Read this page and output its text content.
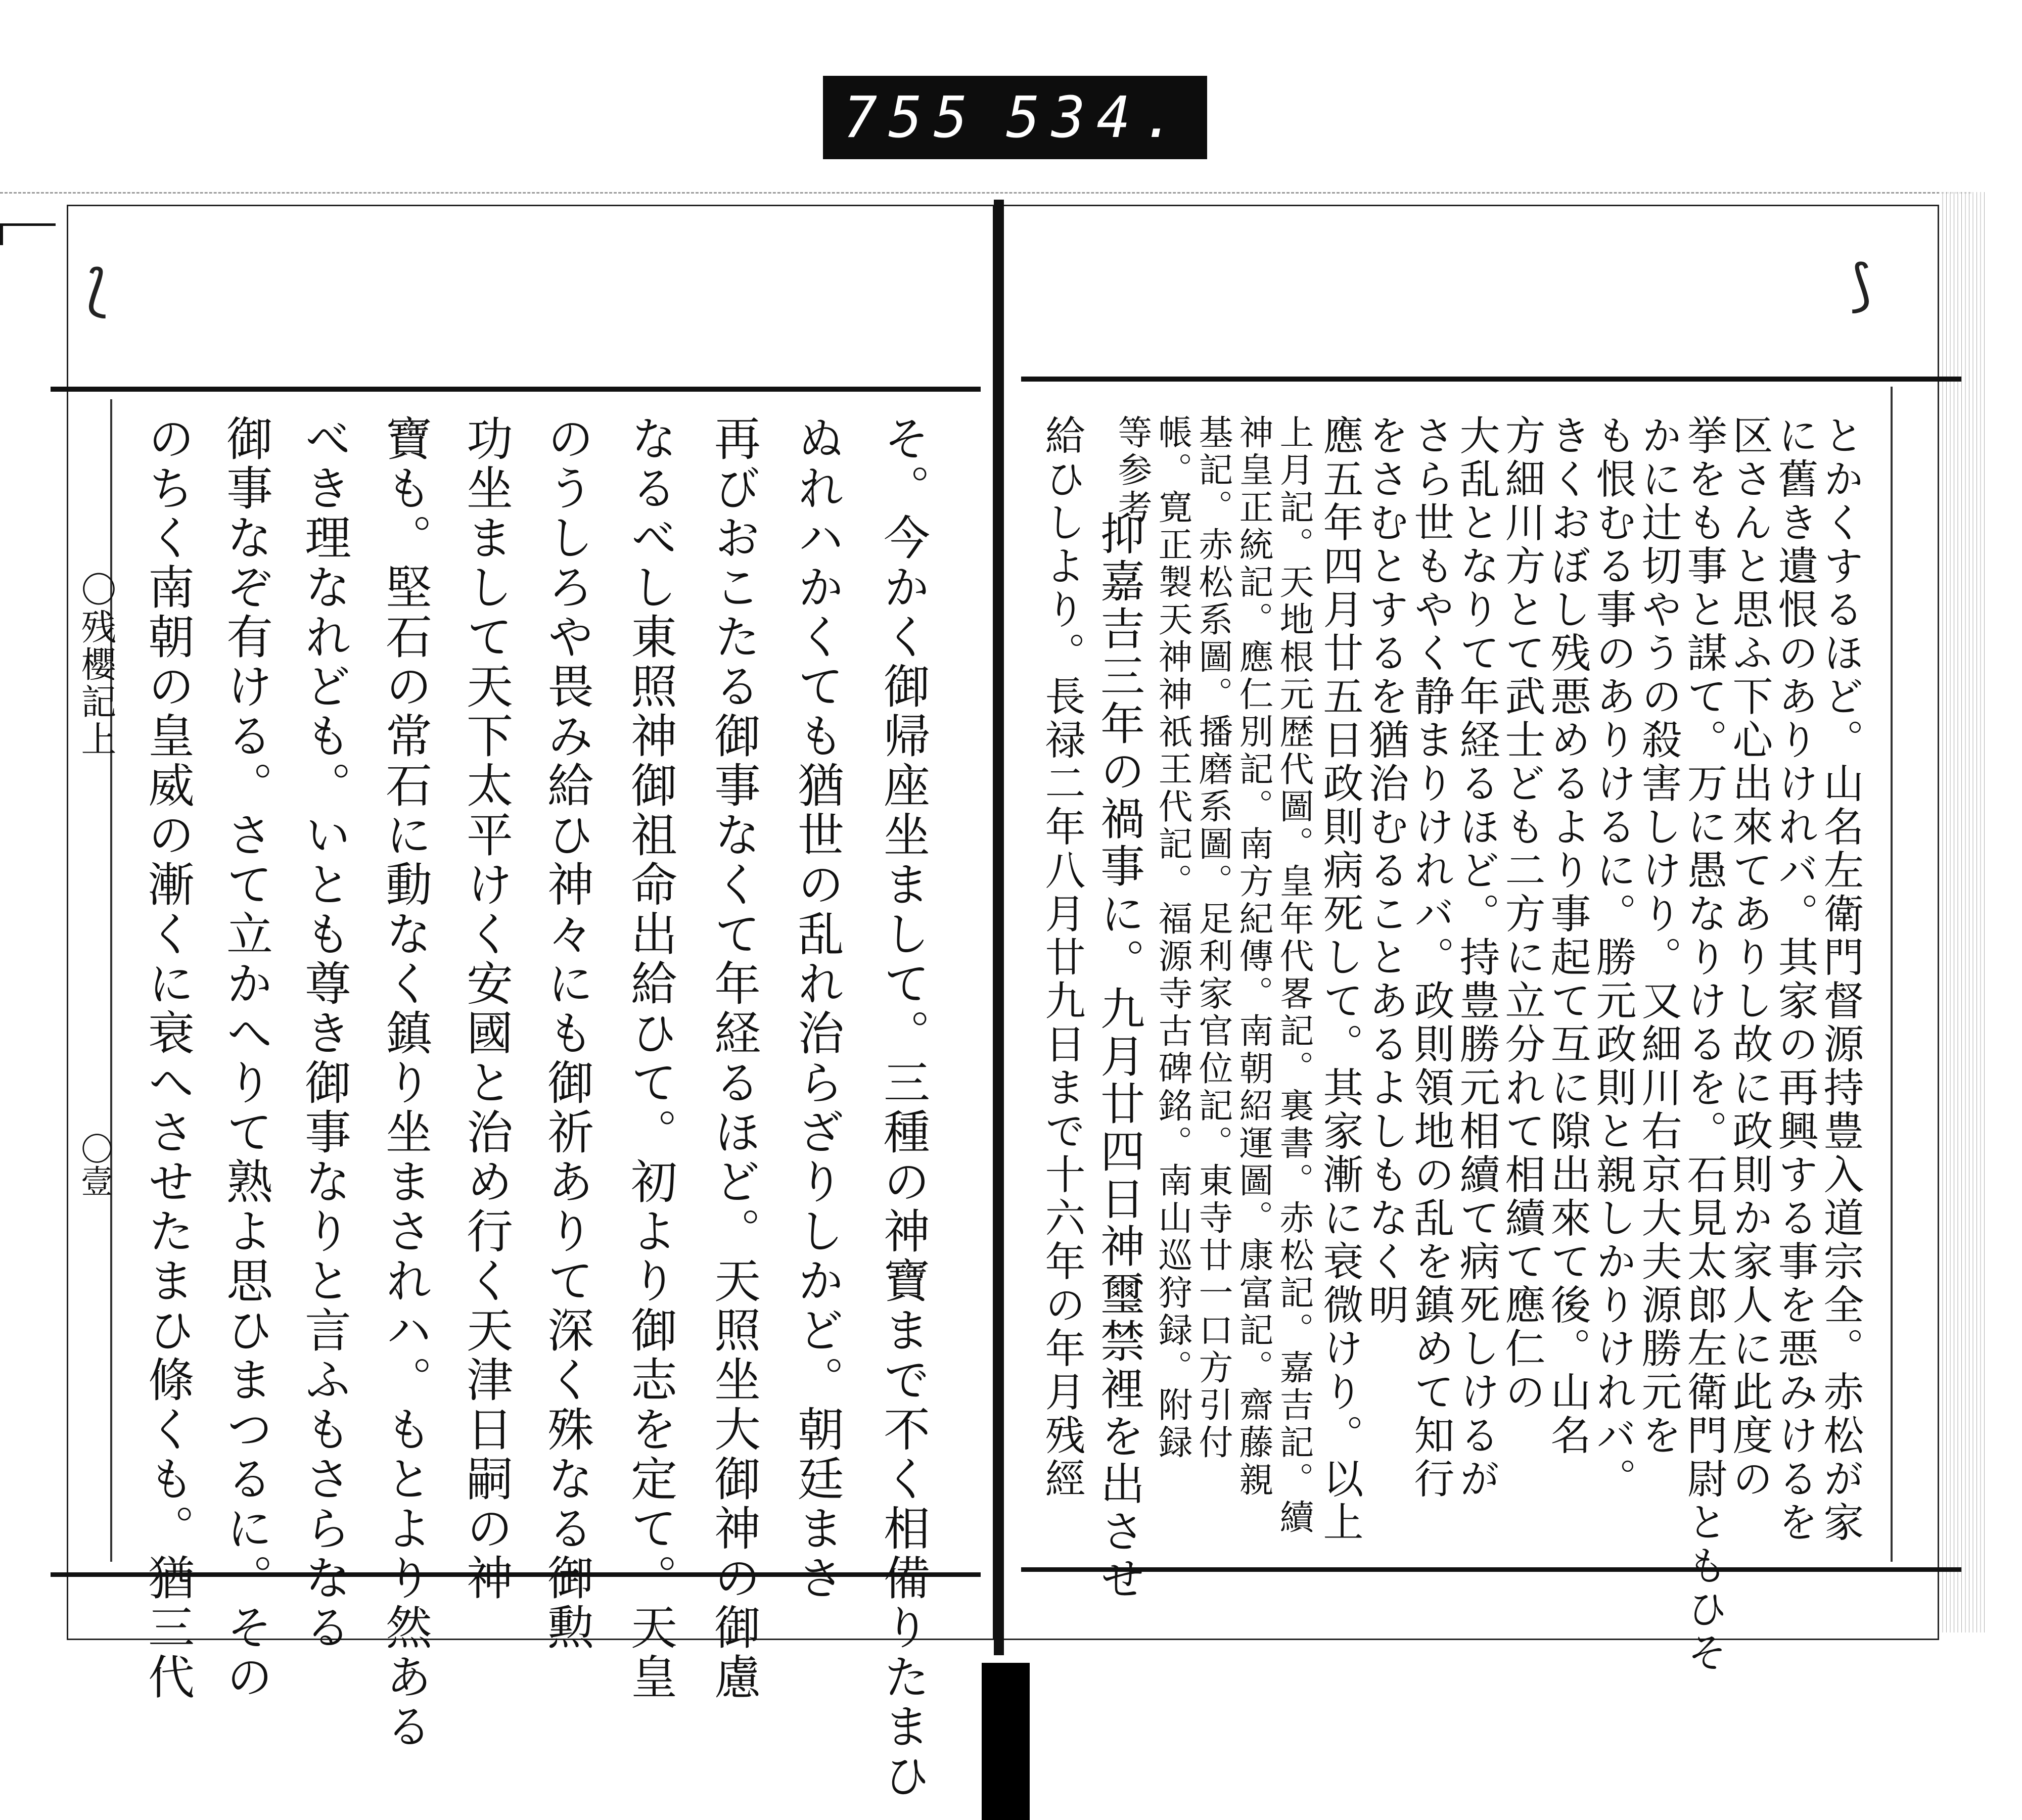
755 534.
⟅	⟆
〇残櫻記上
〇壹	そ。今かく御帰座坐まして。三種の神寶まで不く相備りたまひ
ぬれハかくても猶世の乱れ治らざりしかど。朝廷まさ
再びおこたる御事なくて年経るほど。天照坐大御神の御慮
なるべし東照神御祖命出給ひて。初より御志を定て。天皇
のうしろや畏み給ひ神々にも御祈ありて深く殊なる御勲
功坐まして天下太平けく安國と治め行く天津日嗣の神
寶も。堅石の常石に動なく鎮り坐まされハ。もとより然ある
べき理なれども。いとも尊き御事なりと言ふもさらなる
御事なぞ有ける。さて立かへりて熟よ思ひまつるに。その
のちく南朝の皇威の漸くに衰へさせたまひ條くも。猶三代	とかくするほど。山名左衛門督源持豊入道宗全。赤松が家
に舊き遺恨のありけれバ。其家の再興する事を悪みけるを
区さんと思ふ下心出來てありし故に政則か家人に此度の
挙をも事と謀て。万に愚なりけるを。石見太郎左衛門尉ともひそ
かに辻切やうの殺害しけり。又細川右京大夫源勝元を
も恨むる事のありけるに。勝元政則と親しかりけれバ。
きくおぼし残悪めるより事起て互に隙出來て後。山名
方細川方とて武士ども二方に立分れて相續て應仁の
大乱となりて年経るほど。持豊勝元相續て病死しけるが
さら世もやく静まりけれバ。政則領地の乱を鎮めて知行
をさむとするを猶治むることあるよしもなく明
應五年四月廿五日政則病死して。其家漸に衰微けり。以上
上月記。天地根元歴代圖。皇年代畧記。裏書。赤松記。嘉吉記。續
神皇正統記。應仁別記。南方紀傳。南朝紹運圖。康富記。齋藤親
基記。赤松系圖。播磨系圖。足利家官位記。東寺廿一口方引付
帳。寛正製天神神祇王代記。福源寺古碑銘。南山巡狩録。附録
等参考
抑嘉吉三年の禍事に。九月廿四日神璽禁裡を出させ
給ひしより。長禄二年八月廿九日まで十六年の年月残經
